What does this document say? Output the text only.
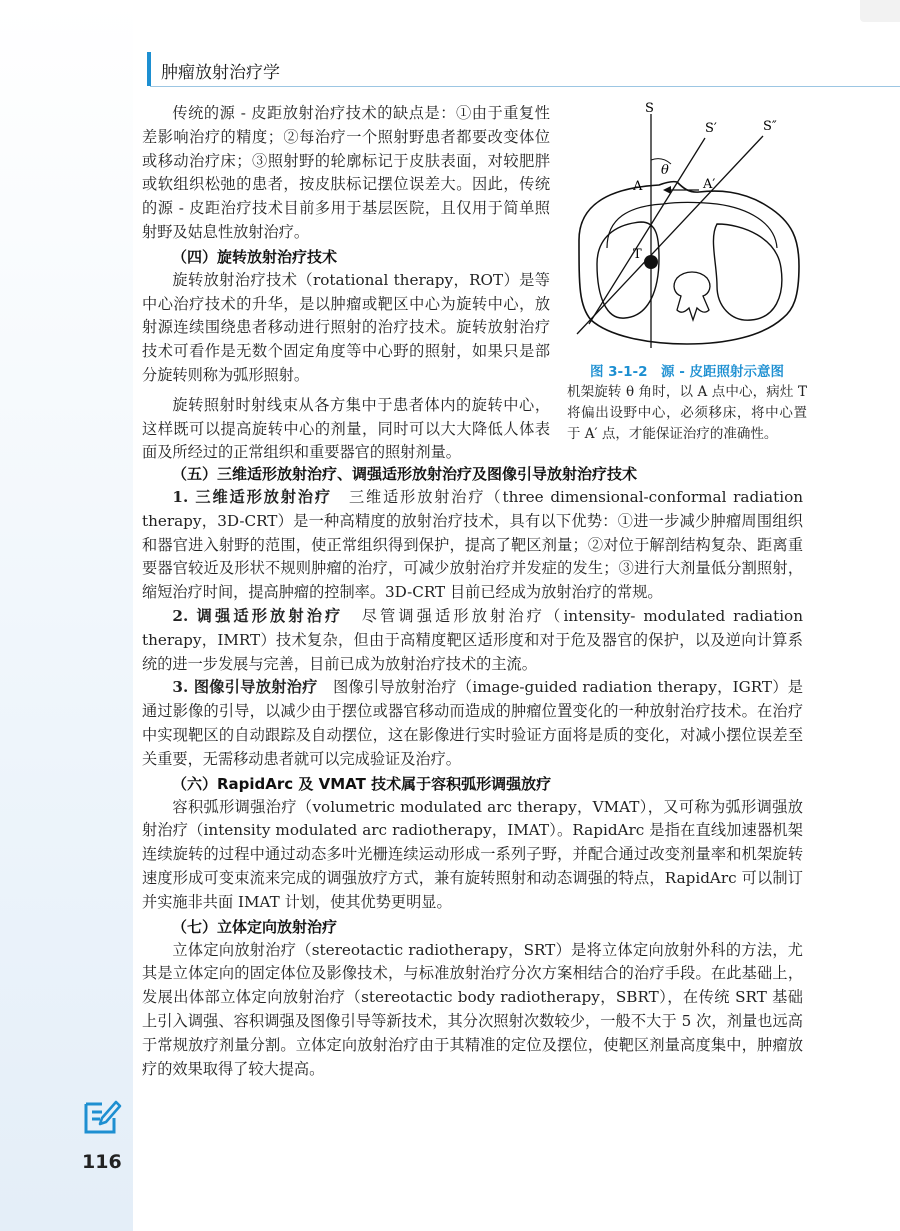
肿瘤放射治疗学

传统的源 - 皮距放射治疗技术的缺点是：①由于重复性差影响治疗的精度；②每治疗一个照射野患者都要改变体位或移动治疗床；③照射野的轮廓标记于皮肤表面，对较肥胖或软组织松弛的患者，按皮肤标记摆位误差大。因此，传统的源 - 皮距治疗技术目前多用于基层医院，且仅用于简单照射野及姑息性放射治疗。

（四）旋转放射治疗技术

旋转放射治疗技术（rotational therapy，ROT）是等中心治疗技术的升华，是以肿瘤或靶区中心为旋转中心，放射源连续围绕患者移动进行照射的治疗技术。旋转放射治疗技术可看作是无数个固定角度等中心野的照射，如果只是部分旋转则称为弧形照射。

旋转照射时射线束从各方集中于患者体内的旋转中心，这样既可以提高旋转中心的剂量，同时可以大大降低人体表面及所经过的正常组织和重要器官的照射剂量。

S
S′	S″
θ
A	A′
T
图 3-1-2　源 - 皮距照射示意图

机架旋转 θ 角时，以 A 点中心，病灶 T 将偏出设野中心，必须移床，将中心置于 A′ 点，才能保证治疗的准确性。

（五）三维适形放射治疗、调强适形放射治疗及图像引导放射治疗技术

1. 三维适形放射治疗　三维适形放射治疗（three dimensional-conformal radiation therapy，3D-CRT）是一种高精度的放射治疗技术，具有以下优势：①进一步减少肿瘤周围组织和器官进入射野的范围，使正常组织得到保护，提高了靶区剂量；②对位于解剖结构复杂、距离重要器官较近及形状不规则肿瘤的治疗，可减少放射治疗并发症的发生；③进行大剂量低分割照射，缩短治疗时间，提高肿瘤的控制率。3D-CRT 目前已经成为放射治疗的常规。

2. 调强适形放射治疗　尽管调强适形放射治疗（intensity- modulated radiation therapy，IMRT）技术复杂，但由于高精度靶区适形度和对于危及器官的保护，以及逆向计算系统的进一步发展与完善，目前已成为放射治疗技术的主流。

3. 图像引导放射治疗　图像引导放射治疗（image-guided radiation therapy，IGRT）是通过影像的引导，以减少由于摆位或器官移动而造成的肿瘤位置变化的一种放射治疗技术。在治疗中实现靶区的自动跟踪及自动摆位，这在影像进行实时验证方面将是质的变化，对减小摆位误差至关重要，无需移动患者就可以完成验证及治疗。

（六）RapidArc 及 VMAT 技术属于容积弧形调强放疗

容积弧形调强治疗（volumetric modulated arc therapy，VMAT），又可称为弧形调强放射治疗（intensity modulated arc radiotherapy，IMAT）。RapidArc 是指在直线加速器机架连续旋转的过程中通过动态多叶光栅连续运动形成一系列子野，并配合通过改变剂量率和机架旋转速度形成可变束流来完成的调强放疗方式，兼有旋转照射和动态调强的特点，RapidArc 可以制订并实施非共面 IMAT 计划，使其优势更明显。

（七）立体定向放射治疗

立体定向放射治疗（stereotactic radiotherapy，SRT）是将立体定向放射外科的方法，尤其是立体定向的固定体位及影像技术，与标准放射治疗分次方案相结合的治疗手段。在此基础上，发展出体部立体定向放射治疗（stereotactic body radiotherapy，SBRT），在传统 SRT 基础上引入调强、容积调强及图像引导等新技术，其分次照射次数较少，一般不大于 5 次，剂量也远高于常规放疗剂量分割。立体定向放射治疗由于其精准的定位及摆位，使靶区剂量高度集中，肿瘤放疗的效果取得了较大提高。

116
